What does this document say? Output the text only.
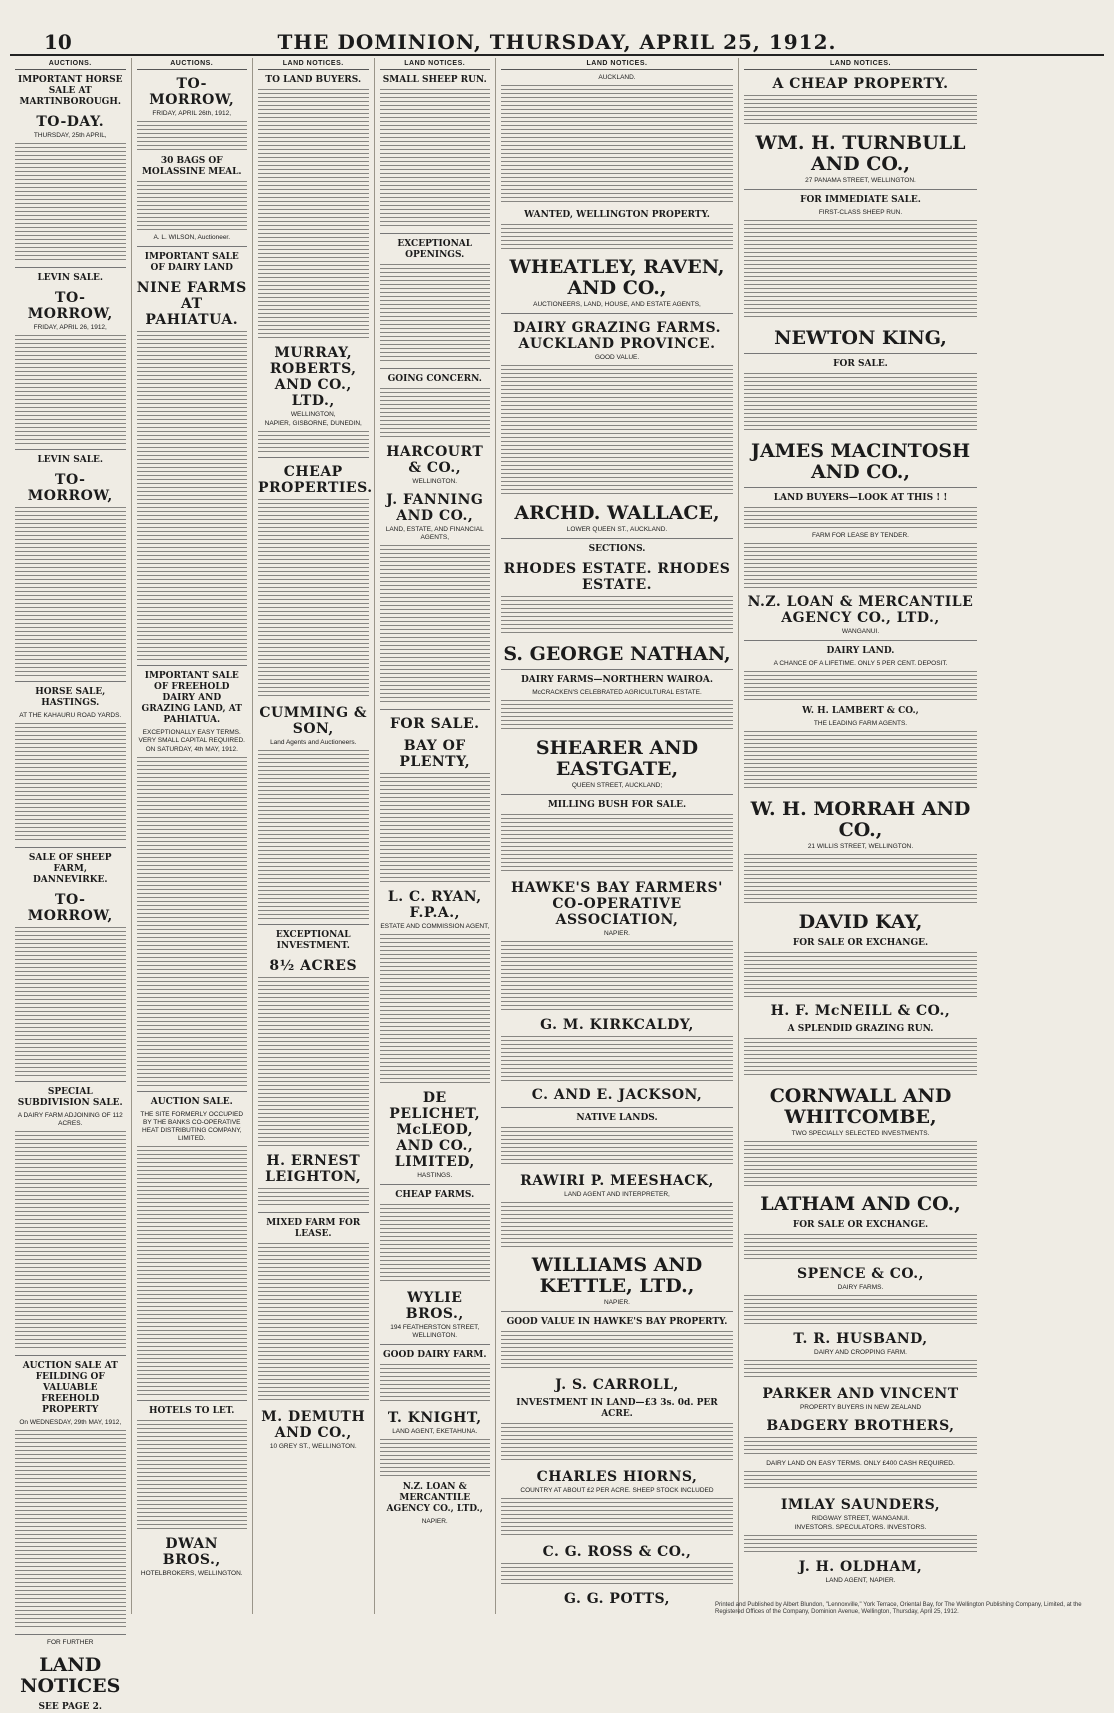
10	THE DOMINION, THURSDAY, APRIL 25, 1912.
AUCTIONS.
IMPORTANT HORSE SALE AT MARTINBOROUGH.
TO-DAY.
THURSDAY, 25th APRIL,
LEVIN SALE.
TO-MORROW,
FRIDAY, APRIL 26, 1912,
LEVIN SALE.
TO-MORROW,
HORSE SALE, HASTINGS.
AT THE KAHAURU ROAD YARDS.
SALE OF SHEEP FARM, DANNEVIRKE.
TO-MORROW,
SPECIAL SUBDIVISION SALE.
A DAIRY FARM ADJOINING OF 112 ACRES.
AUCTION SALE AT FEILDING OF VALUABLE FREEHOLD PROPERTY
On WEDNESDAY, 29th MAY, 1912,
FOR FURTHER
LAND NOTICES
SEE PAGE 2.
AUCTIONS.
TO-MORROW,
FRIDAY, APRIL 26th, 1912,
30 BAGS OF MOLASSINE MEAL.
A. L. WILSON, Auctioneer.
IMPORTANT SALE OF DAIRY LAND
NINE FARMS AT PAHIATUA.
IMPORTANT SALE OF FREEHOLD DAIRY AND GRAZING LAND, AT PAHIATUA.
EXCEPTIONALLY EASY TERMS. VERY SMALL CAPITAL REQUIRED.
ON SATURDAY, 4th MAY, 1912.
AUCTION SALE.
THE SITE FORMERLY OCCUPIED BY THE BANKS CO-OPERATIVE HEAT DISTRIBUTING COMPANY, LIMITED.
HOTELS TO LET.
DWAN BROS.,
HOTELBROKERS, WELLINGTON.
LAND NOTICES.
TO LAND BUYERS.
MURRAY, ROBERTS, AND CO., LTD.,
WELLINGTON,
NAPIER, GISBORNE, DUNEDIN,
CHEAP PROPERTIES.
CUMMING & SON,
Land Agents and Auctioneers.
EXCEPTIONAL INVESTMENT.
8½ ACRES
H. ERNEST LEIGHTON,
MIXED FARM FOR LEASE.
M. DEMUTH AND CO.,
10 GREY ST., WELLINGTON.
LAND NOTICES.
SMALL SHEEP RUN.
EXCEPTIONAL OPENINGS.
GOING CONCERN.
HARCOURT & CO.,
WELLINGTON.
J. FANNING AND CO.,
LAND, ESTATE, AND FINANCIAL AGENTS,
FOR SALE.
BAY OF PLENTY,
L. C. RYAN, F.P.A.,
ESTATE AND COMMISSION AGENT,
DE PELICHET, McLEOD, AND CO., LIMITED,
HASTINGS.
CHEAP FARMS.
WYLIE BROS.,
194 FEATHERSTON STREET, WELLINGTON.
GOOD DAIRY FARM.
T. KNIGHT,
LAND AGENT, EKETAHUNA.
N.Z. LOAN & MERCANTILE AGENCY CO., LTD.,
NAPIER.
LAND NOTICES.
AUCKLAND.
WANTED, WELLINGTON PROPERTY.
WHEATLEY, RAVEN, AND CO.,
AUCTIONEERS, LAND, HOUSE, AND ESTATE AGENTS,
DAIRY GRAZING FARMS. AUCKLAND PROVINCE.
GOOD VALUE.
ARCHD. WALLACE,
LOWER QUEEN ST., AUCKLAND.
SECTIONS.
RHODES ESTATE. RHODES ESTATE.
S. GEORGE NATHAN,
DAIRY FARMS—NORTHERN WAIROA.
McCRACKEN'S CELEBRATED AGRICULTURAL ESTATE.
SHEARER AND EASTGATE,
QUEEN STREET, AUCKLAND;
MILLING BUSH FOR SALE.
HAWKE'S BAY FARMERS' CO-OPERATIVE ASSOCIATION,
NAPIER.
G. M. KIRKCALDY,
C. AND E. JACKSON,
NATIVE LANDS.
RAWIRI P. MEESHACK,
LAND AGENT AND INTERPRETER,
WILLIAMS AND KETTLE, LTD.,
NAPIER.
GOOD VALUE IN HAWKE'S BAY PROPERTY.
J. S. CARROLL,
INVESTMENT IN LAND—£3 3s. 0d. PER ACRE.
CHARLES HIORNS,
COUNTRY AT ABOUT £2 PER ACRE. SHEEP STOCK INCLUDED
C. G. ROSS & CO.,
G. G. POTTS,
LAND NOTICES.
A CHEAP PROPERTY.
WM. H. TURNBULL AND CO.,
27 PANAMA STREET, WELLINGTON.
FOR IMMEDIATE SALE.
FIRST-CLASS SHEEP RUN.
NEWTON KING,
FOR SALE.
JAMES MACINTOSH AND CO.,
LAND BUYERS—LOOK AT THIS ! !
FARM FOR LEASE BY TENDER.
N.Z. LOAN & MERCANTILE AGENCY CO., LTD.,
WANGANUI.
DAIRY LAND.
A CHANCE OF A LIFETIME. ONLY 5 PER CENT. DEPOSIT.
W. H. LAMBERT & CO.,
THE LEADING FARM AGENTS.
W. H. MORRAH AND CO.,
21 WILLIS STREET, WELLINGTON.
DAVID KAY,
FOR SALE OR EXCHANGE.
H. F. McNEILL & CO.,
A SPLENDID GRAZING RUN.
CORNWALL AND WHITCOMBE,
TWO SPECIALLY SELECTED INVESTMENTS.
LATHAM AND CO.,
FOR SALE OR EXCHANGE.
SPENCE & CO.,
DAIRY FARMS.
T. R. HUSBAND,
DAIRY AND CROPPING FARM.
PARKER AND VINCENT
PROPERTY BUYERS IN NEW ZEALAND
BADGERY BROTHERS,
DAIRY LAND ON EASY TERMS. ONLY £400 CASH REQUIRED.
IMLAY SAUNDERS,
RIDGWAY STREET, WANGANUI.
INVESTORS. SPECULATORS. INVESTORS.
J. H. OLDHAM,
LAND AGENT, NAPIER.
Printed and Published by Albert Blundon, "Lennoxville," York Terrace, Oriental Bay, for The Wellington Publishing Company, Limited, at the Registered Offices of the Company, Dominion Avenue, Wellington, Thursday, April 25, 1912.
